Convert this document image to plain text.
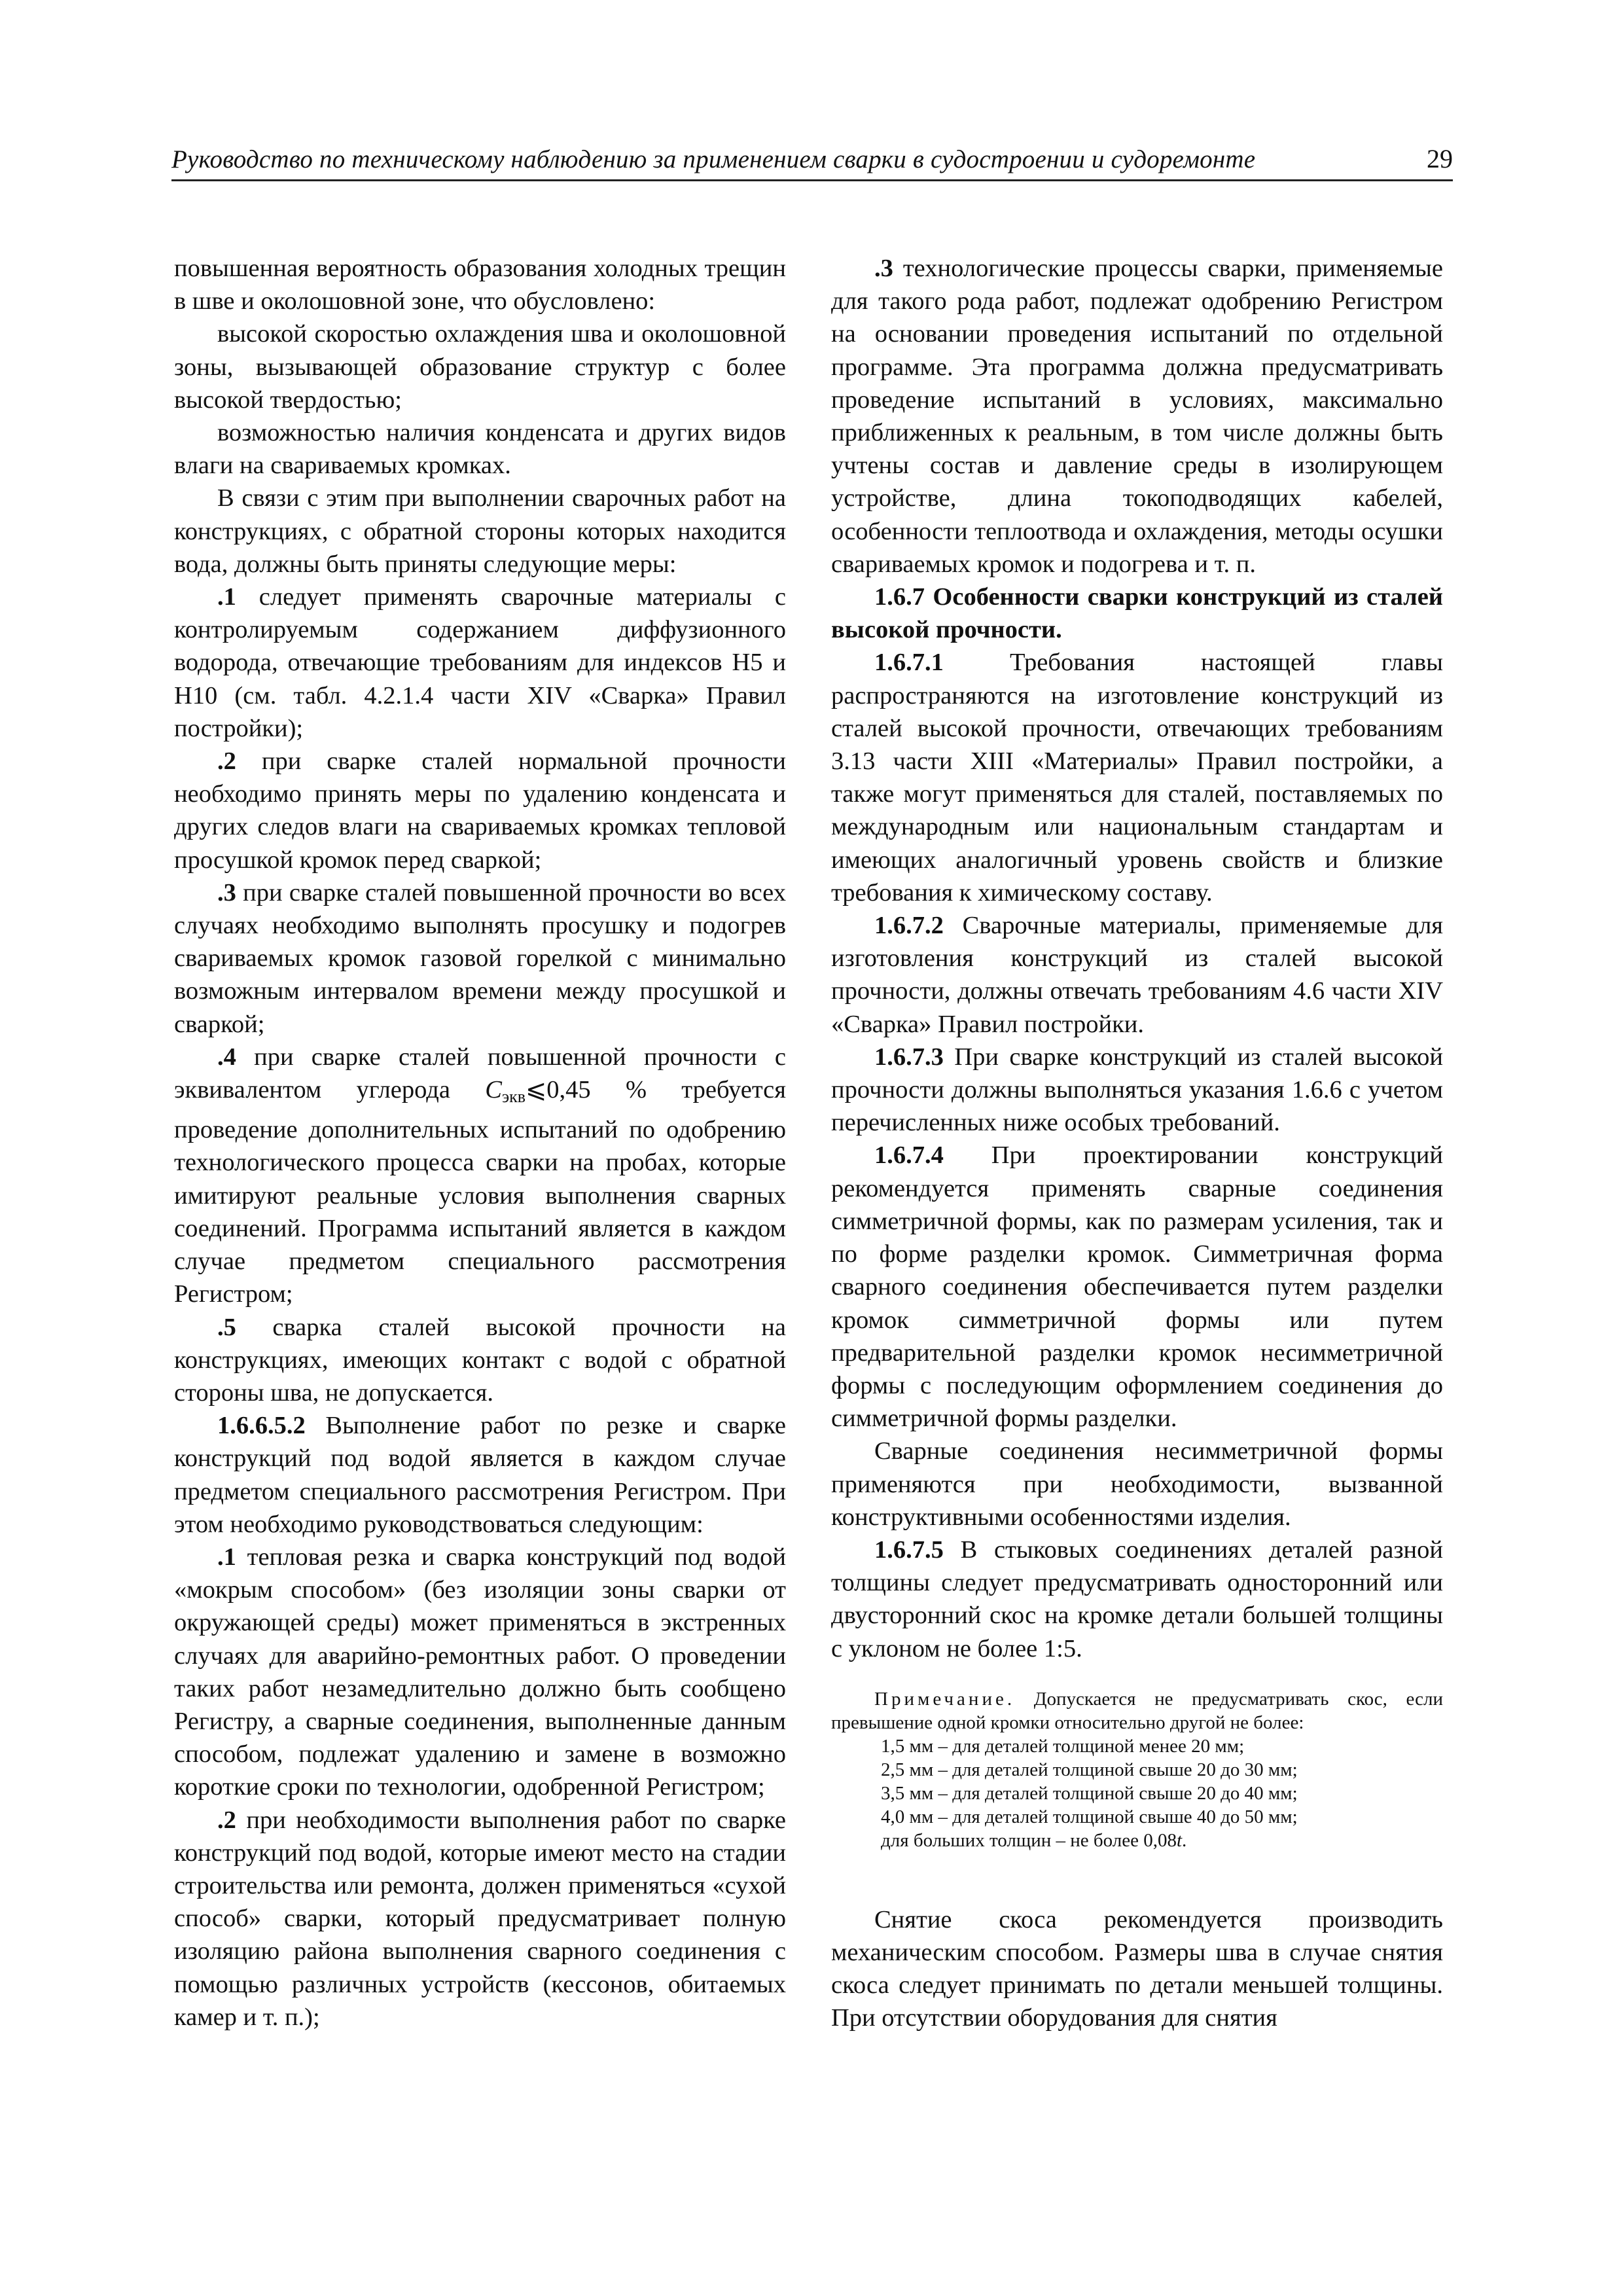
Руководство по техническому наблюдению за применением сварки в судостроении и судоремонте	29

повышенная вероятность образования холодных трещин в шве и околошовной зоне, что обусловлено:

высокой скоростью охлаждения шва и околошовной зоны, вызывающей образование структур с более высокой твердостью;

возможностью наличия конденсата и других видов влаги на свариваемых кромках.

В связи с этим при выполнении сварочных работ на конструкциях, с обратной стороны которых находится вода, должны быть приняты следующие меры:

.1 следует применять сварочные материалы с контролируемым содержанием диффузионного водорода, отвечающие требованиям для индексов H5 и H10 (см. табл. 4.2.1.4 части XIV «Сварка» Правил постройки);

.2 при сварке сталей нормальной прочности необходимо принять меры по удалению конденсата и других следов влаги на свариваемых кромках тепловой просушкой кромок перед сваркой;

.3 при сварке сталей повышенной прочности во всех случаях необходимо выполнять просушку и подогрев свариваемых кромок газовой горелкой с минимально возможным интервалом времени между просушкой и сваркой;

.4 при сварке сталей повышенной прочности с эквивалентом углерода $C_{экв}⩽0,45$ % требуется проведение дополнительных испытаний по одобрению технологического процесса сварки на пробах, которые имитируют реальные условия выполнения сварных соединений. Программа испытаний является в каждом случае предметом специального рассмотрения Регистром;

.5 сварка сталей высокой прочности на конструкциях, имеющих контакт с водой с обратной стороны шва, не допускается.

1.6.6.5.2 Выполнение работ по резке и сварке конструкций под водой является в каждом случае предметом специального рассмотрения Регистром. При этом необходимо руководствоваться следующим:

.1 тепловая резка и сварка конструкций под водой «мокрым способом» (без изоляции зоны сварки от окружающей среды) может применяться в экстренных случаях для аварийно-ремонтных работ. О проведении таких работ незамедлительно должно быть сообщено Регистру, а сварные соединения, выполненные данным способом, подлежат удалению и замене в возможно короткие сроки по технологии, одобренной Регистром;

.2 при необходимости выполнения работ по сварке конструкций под водой, которые имеют место на стадии строительства или ремонта, должен применяться «сухой способ» сварки, который предусматривает полную изоляцию района выполнения сварного соединения с помощью различных устройств (кессонов, обитаемых камер и т. п.);

.3 технологические процессы сварки, применяемые для такого рода работ, подлежат одобрению Регистром на основании проведения испытаний по отдельной программе. Эта программа должна предусматривать проведение испытаний в условиях, максимально приближенных к реальным, в том числе должны быть учтены состав и давление среды в изолирующем устройстве, длина токоподводящих кабелей, особенности теплоотвода и охлаждения, методы осушки свариваемых кромок и подогрева и т. п.

1.6.7 Особенности сварки конструкций из сталей высокой прочности.

1.6.7.1 Требования настоящей главы распространяются на изготовление конструкций из сталей высокой прочности, отвечающих требованиям 3.13 части XIII «Материалы» Правил постройки, а также могут применяться для сталей, поставляемых по международным или национальным стандартам и имеющих аналогичный уровень свойств и близкие требования к химическому составу.

1.6.7.2 Сварочные материалы, применяемые для изготовления конструкций из сталей высокой прочности, должны отвечать требованиям 4.6 части XIV «Сварка» Правил постройки.

1.6.7.3 При сварке конструкций из сталей высокой прочности должны выполняться указания 1.6.6 с учетом перечисленных ниже особых требований.

1.6.7.4 При проектировании конструкций рекомендуется применять сварные соединения симметричной формы, как по размерам усиления, так и по форме разделки кромок. Симметричная форма сварного соединения обеспечивается путем разделки кромок симметричной формы или путем предварительной разделки кромок несимметричной формы с последующим оформлением соединения до симметричной формы разделки.

Сварные соединения несимметричной формы применяются при необходимости, вызванной конструктивными особенностями изделия.

1.6.7.5 В стыковых соединениях деталей разной толщины следует предусматривать односторонний или двусторонний скос на кромке детали большей толщины с уклоном не более 1:5.

Примечание. Допускается не предусматривать скос, если превышение одной кромки относительно другой не более:

1,5 мм – для деталей толщиной менее 20 мм;

2,5 мм – для деталей толщиной свыше 20 до 30 мм;

3,5 мм – для деталей толщиной свыше 20 до 40 мм;

4,0 мм – для деталей толщиной свыше 40 до 50 мм;

для больших толщин – не более 0,08t.

Снятие скоса рекомендуется производить механическим способом. Размеры шва в случае снятия скоса следует принимать по детали меньшей толщины. При отсутствии оборудования для снятия
